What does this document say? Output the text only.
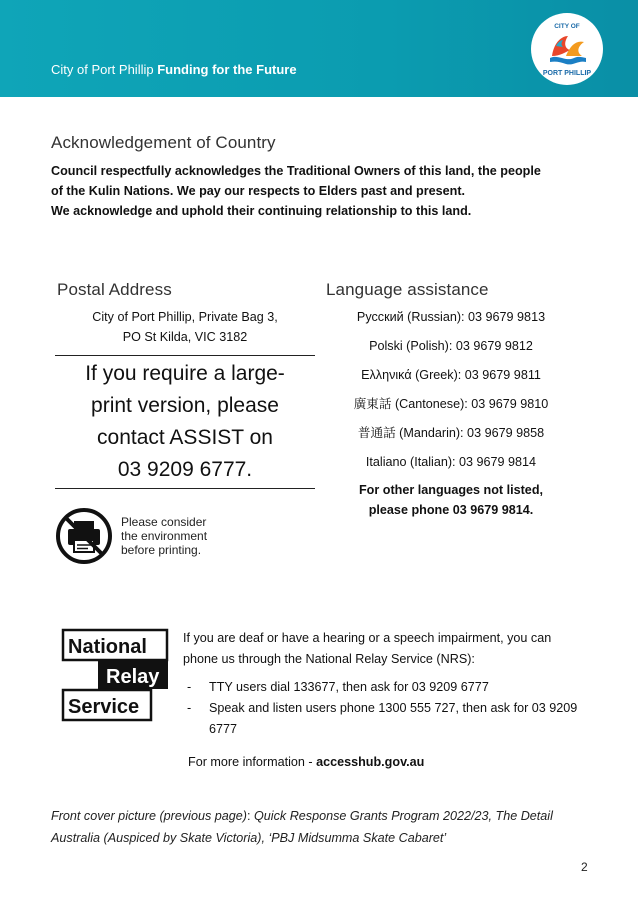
City of Port Phillip Funding for the Future
CITY OF
PORT PHILLIP
Acknowledgement of Country
Council respectfully acknowledges the Traditional Owners of this land, the people
of the Kulin Nations. We pay our respects to Elders past and present.
We acknowledge and uphold their continuing relationship to this land.
Postal Address
City of Port Phillip, Private Bag 3,
PO St Kilda, VIC 3182
If you require a large-
print version, please
contact ASSIST on
03 9209 6777.
Please consider
the environment
before printing.
Language assistance
Русский (Russian): 03 9679 9813
Polski (Polish): 03 9679 9812
Ελληνικά (Greek): 03 9679 9811
廣東話 (Cantonese): 03 9679 9810
普通話 (Mandarin): 03 9679 9858
Italiano (Italian): 03 9679 9814
For other languages not listed,
please phone 03 9679 9814.
National
Relay
Service
If you are deaf or have a hearing or a speech impairment, you can phone us through the National Relay Service (NRS):
- TTY users dial 133677, then ask for 03 9209 6777
- Speak and listen users phone 1300 555 727, then ask for 03 9209 6777
For more information - accesshub.gov.au
Front cover picture (previous page): Quick Response Grants Program 2022/23, The Detail Australia (Auspiced by Skate Victoria), ‘PBJ Midsumma Skate Cabaret’
2
